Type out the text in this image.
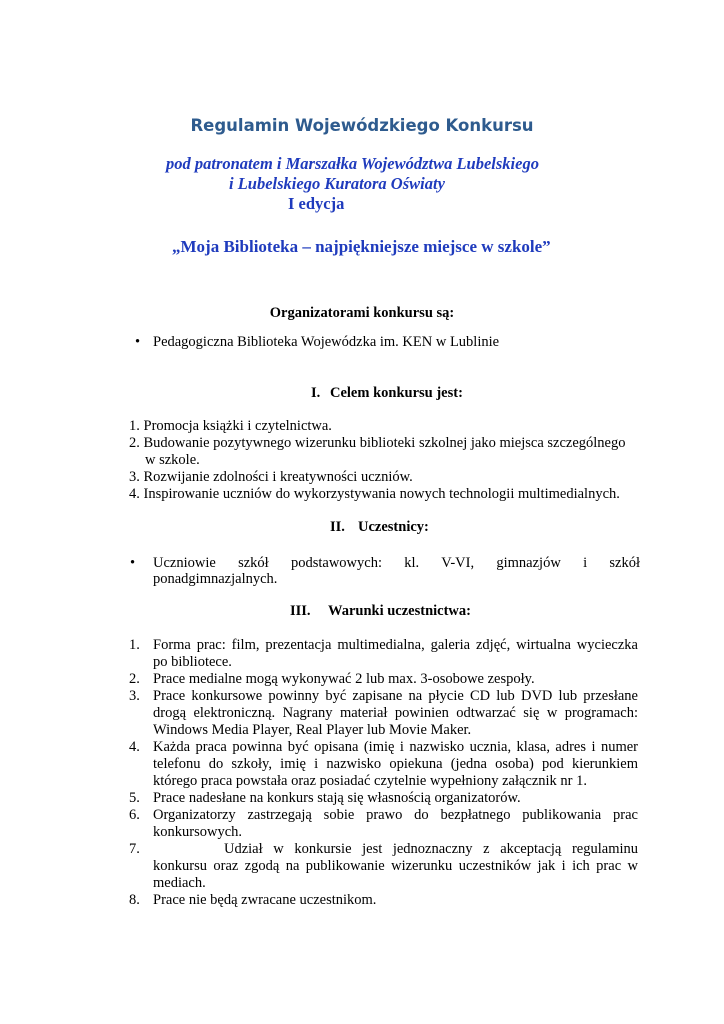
Regulamin Wojewódzkiego Konkursu
pod patronatem i Marszałka Województwa Lubelskiego
i Lubelskiego Kuratora Oświaty
I edycja
„Moja Biblioteka – najpiękniejsze miejsce w szkole”
Organizatorami konkursu są:
• Pedagogiczna Biblioteka Wojewódzka im. KEN w Lublinie
I. Celem konkursu jest:
1. Promocja książki i czytelnictwa.
2. Budowanie pozytywnego wizerunku biblioteki szkolnej jako miejsca szczególnego
w szkole.
3. Rozwijanie zdolności i kreatywności uczniów.
4. Inspirowanie uczniów do wykorzystywania nowych technologii multimedialnych.
II. Uczestnicy:
• Uczniowie szkół podstawowych: kl. V-VI, gimnazjów i szkół
ponadgimnazjalnych.
III. Warunki uczestnictwa:
1. Forma prac: film, prezentacja multimedialna, galeria zdjęć, wirtualna wycieczka
po bibliotece.
2. Prace medialne mogą wykonywać 2 lub max. 3-osobowe zespoły.
3. Prace konkursowe powinny być zapisane na płycie CD lub DVD lub przesłane
drogą elektroniczną. Nagrany materiał powinien odtwarzać się w programach:
Windows Media Player, Real Player lub Movie Maker.
4. Każda praca powinna być opisana (imię i nazwisko ucznia, klasa, adres i numer
telefonu do szkoły, imię i nazwisko opiekuna (jedna osoba) pod kierunkiem
którego praca powstała oraz posiadać czytelnie wypełniony załącznik nr 1.
5. Prace nadesłane na konkurs stają się własnością organizatorów.
6. Organizatorzy zastrzegają sobie prawo do bezpłatnego publikowania prac
konkursowych.
7.	Udział w konkursie jest jednoznaczny z akceptacją regulaminu
konkursu oraz zgodą na publikowanie wizerunku uczestników jak i ich prac w
mediach.
8. Prace nie będą zwracane uczestnikom.
